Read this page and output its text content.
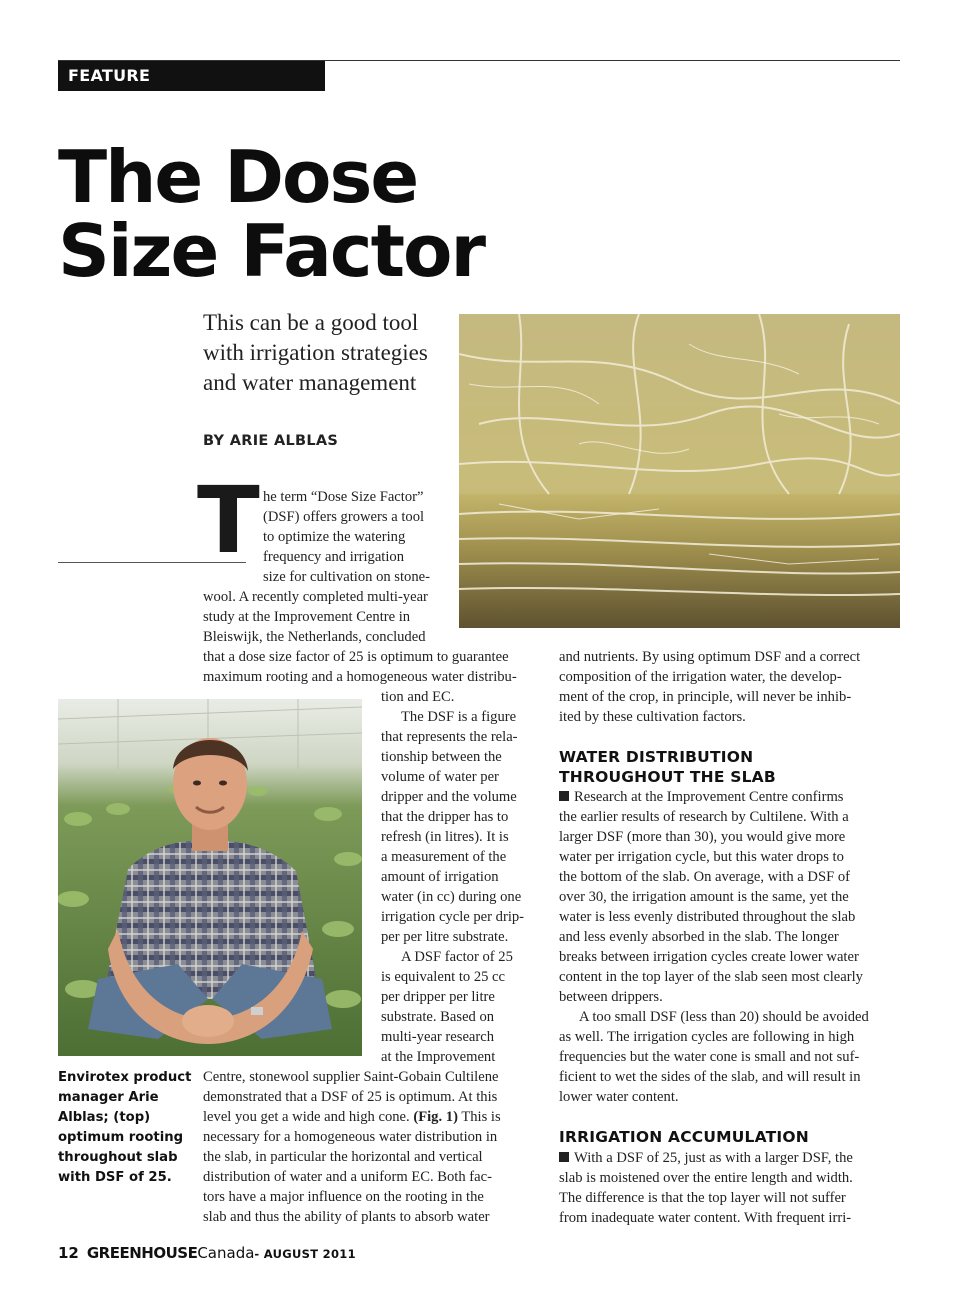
FEATURE
The Dose
Size Factor

This can be a good tool with irrigation strategies and water management

BY ARIE ALBLAS

T he term “Dose Size Factor”
(DSF) offers growers a tool
to optimize the watering
frequency and irrigation
size for cultivation on stone-
wool. A recently completed multi-year
study at the Improvement Centre in
Bleiswijk, the Netherlands, concluded
that a dose size factor of 25 is optimum to guarantee
maximum rooting and a homogeneous water distribu-
tion and EC.
The DSF is a figure
that represents the rela-
tionship between the
volume of water per
dripper and the volume
that the dripper has to
refresh (in litres). It is
a measurement of the
amount of irrigation
water (in cc) during one
irrigation cycle per drip-
per per litre substrate.
A DSF factor of 25
is equivalent to 25 cc
per dripper per litre
substrate. Based on
multi-year research
at the Improvement
Centre, stonewool supplier Saint-Gobain Cultilene
demonstrated that a DSF of 25 is optimum. At this
level you get a wide and high cone. (Fig. 1) This is
necessary for a homogeneous water distribution in
the slab, in particular the horizontal and vertical
distribution of water and a uniform EC. Both fac-
tors have a major influence on the rooting in the
slab and thus the ability of plants to absorb water

Envirotex product manager Arie Alblas; (top) optimum rooting throughout slab with DSF of 25.

and nutrients. By using optimum DSF and a correct
composition of the irrigation water, the develop-
ment of the crop, in principle, will never be inhib-
ited by these cultivation factors.

WATER DISTRIBUTION

THROUGHOUT THE SLAB

Research at the Improvement Centre confirms
the earlier results of research by Cultilene. With a
larger DSF (more than 30), you would give more
water per irrigation cycle, but this water drops to
the bottom of the slab. On average, with a DSF of
over 30, the irrigation amount is the same, yet the
water is less evenly distributed throughout the slab
and less evenly absorbed in the slab. The longer
breaks between irrigation cycles create lower water
content in the top layer of the slab seen most clearly
between drippers.
A too small DSF (less than 20) should be avoided
as well. The irrigation cycles are following in high
frequencies but the water cone is small and not suf-
ficient to wet the sides of the slab, and will result in
lower water content.

IRRIGATION ACCUMULATION

With a DSF of 25, just as with a larger DSF, the
slab is moistened over the entire length and width.
The difference is that the top layer will not suffer
from inadequate water content. With frequent irri-
12 GREENHOUSECanada- AUGUST 2011
